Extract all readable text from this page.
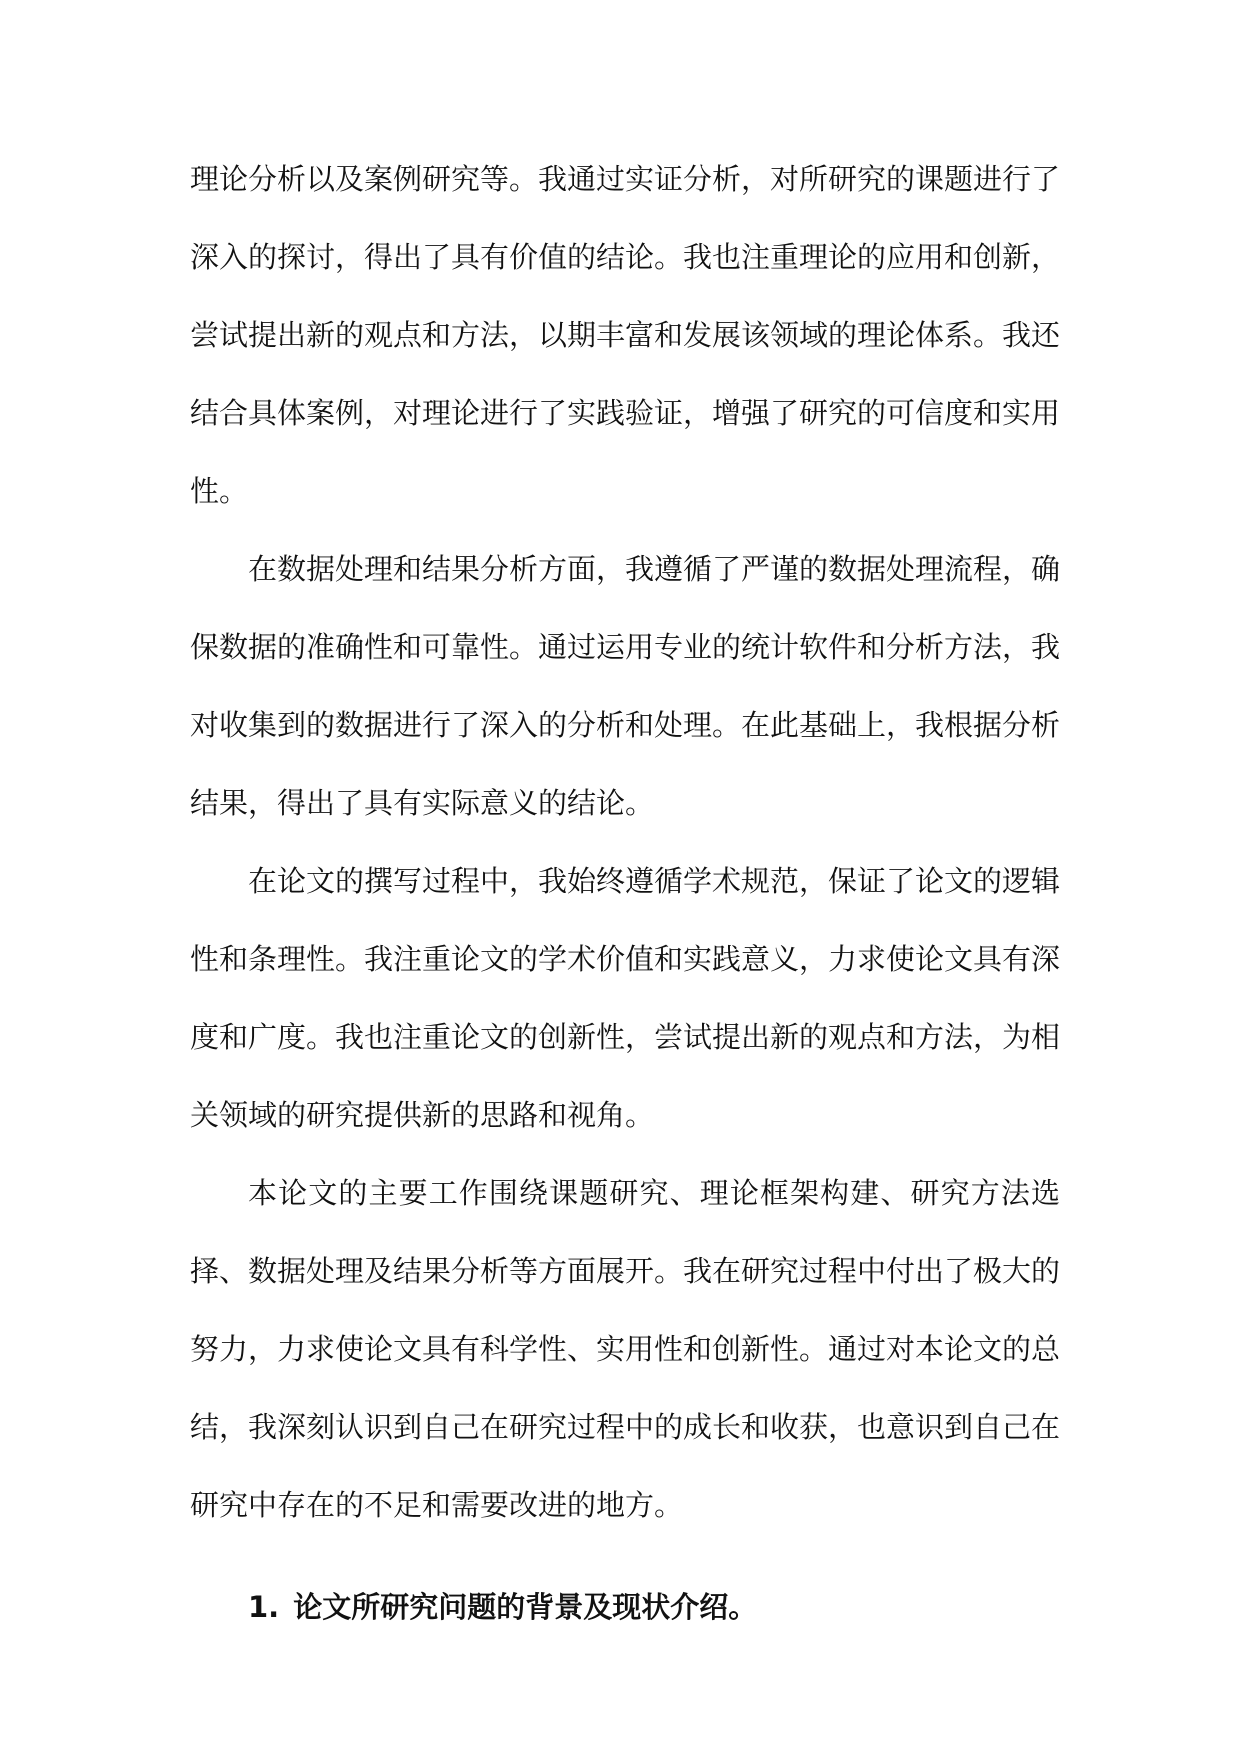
理论分析以及案例研究等。我通过实证分析，对所研究的课题进行了深入的探讨，得出了具有价值的结论。我也注重理论的应用和创新，尝试提出新的观点和方法，以期丰富和发展该领域的理论体系。我还结合具体案例，对理论进行了实践验证，增强了研究的可信度和实用性。

在数据处理和结果分析方面，我遵循了严谨的数据处理流程，确保数据的准确性和可靠性。通过运用专业的统计软件和分析方法，我对收集到的数据进行了深入的分析和处理。在此基础上，我根据分析结果，得出了具有实际意义的结论。

在论文的撰写过程中，我始终遵循学术规范，保证了论文的逻辑性和条理性。我注重论文的学术价值和实践意义，力求使论文具有深度和广度。我也注重论文的创新性，尝试提出新的观点和方法，为相关领域的研究提供新的思路和视角。

本论文的主要工作围绕课题研究、理论框架构建、研究方法选择、数据处理及结果分析等方面展开。我在研究过程中付出了极大的努力，力求使论文具有科学性、实用性和创新性。通过对本论文的总结，我深刻认识到自己在研究过程中的成长和收获，也意识到自己在研究中存在的不足和需要改进的地方。

1. 论文所研究问题的背景及现状介绍。
